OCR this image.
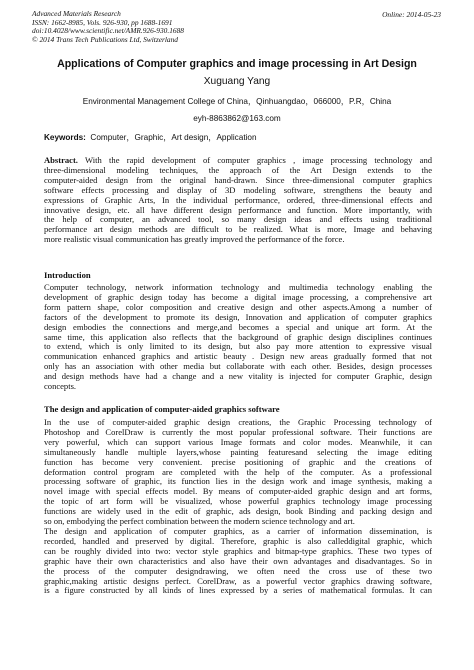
Advanced Materials Research
ISSN: 1662-8985, Vols. 926-930, pp 1688-1691
doi:10.4028/www.scientific.net/AMR.926-930.1688
© 2014 Trans Tech Publications Ltd, Switzerland
Online: 2014-05-23
Applications of Computer graphics and image processing in Art Design
Xuguang Yang
Environmental Management College of China，Qinhuangdao，066000，P.R，China
eyh-8863862@163.com
Keywords: Computer，Graphic，Art design，Application
Abstract. With the rapid development of computer graphics , image processing technology and
three-dimensional modeling techniques, the approach of the Art Design extends to the
computer-aided design from the original hand-drawn. Since three-dimensional computer graphics
software effects processing and display of 3D modeling software, strengthens the beauty and
expressions of Graphic Arts, In the individual performance, ordered, three-dimensional effects and
innovative design, etc. all have different design performance and function. More importantly, with
the help of computer, an advanced tool, so many design ideas and effects using traditional
performance art design methods are difficult to be realized. What is more, Image and behaving
more realistic visual communication has greatly improved the performance of the force.
Introduction
Computer technology, network information technology and multimedia technology enabling the
development of graphic design today has become a digital image processing, a comprehensive art
form pattern shape, color composition and creative design and other aspects.Among a number of
factors of the development to promote its design, Innovation and application of computer graphics
design embodies the connections and merge,and becomes a special and unique art form. At the
same time, this application also reflects that the background of graphic design disciplines continues
to extend, which is only limited to its design, but also pay more attention to expressive visual
communication enhanced graphics and artistic beauty . Design new areas gradually formed that not
only has an association with other media but collaborate with each other. Besides, design processes
and design methods have had a change and a new vitality is injected for computer Graphic, design
concepts.
The design and application of computer-aided graphics software
In the use of computer-aided graphic design creations, the Graphic Processing technology of
Photoshop and CorelDraw is currently the most popular professional software. Their functions are
very powerful, which can support various Image formats and color modes. Meanwhile, it can
simultaneously handle multiple layers,whose painting featuresand selecting the image editing
function has become very convenient. precise positioning of graphic and the creations of
deformation control program are completed with the help of the computer. As a professional
processing software of graphic, its function lies in the design work and image synthesis, making a
novel image with special effects model. By means of computer-aided graphic design and art forms,
the topic of art form will be visualized, whose powerful graphics technology image processing
functions are widely used in the edit of graphic, ads design, book Binding and packing design and
so on, embodying the perfect combination between the modern science technology and art.
The design and application of computer graphics, as a carrier of information dissemination, is
recorded, handled and preserved by digital. Therefore, graphic is also calleddigital graphic, which
can be roughly divided into two: vector style graphics and bitmap-type graphics. These two types of
graphic have their own characteristics and also have their own advantages and disadvantages. So in
the process of the computer designdrawing, we often need the cross use of these two
graphic,making artistic designs perfect. CorelDraw, as a powerful vector graphics drawing software,
is a figure constructed by all kinds of lines expressed by a series of mathematical formulas. It can
